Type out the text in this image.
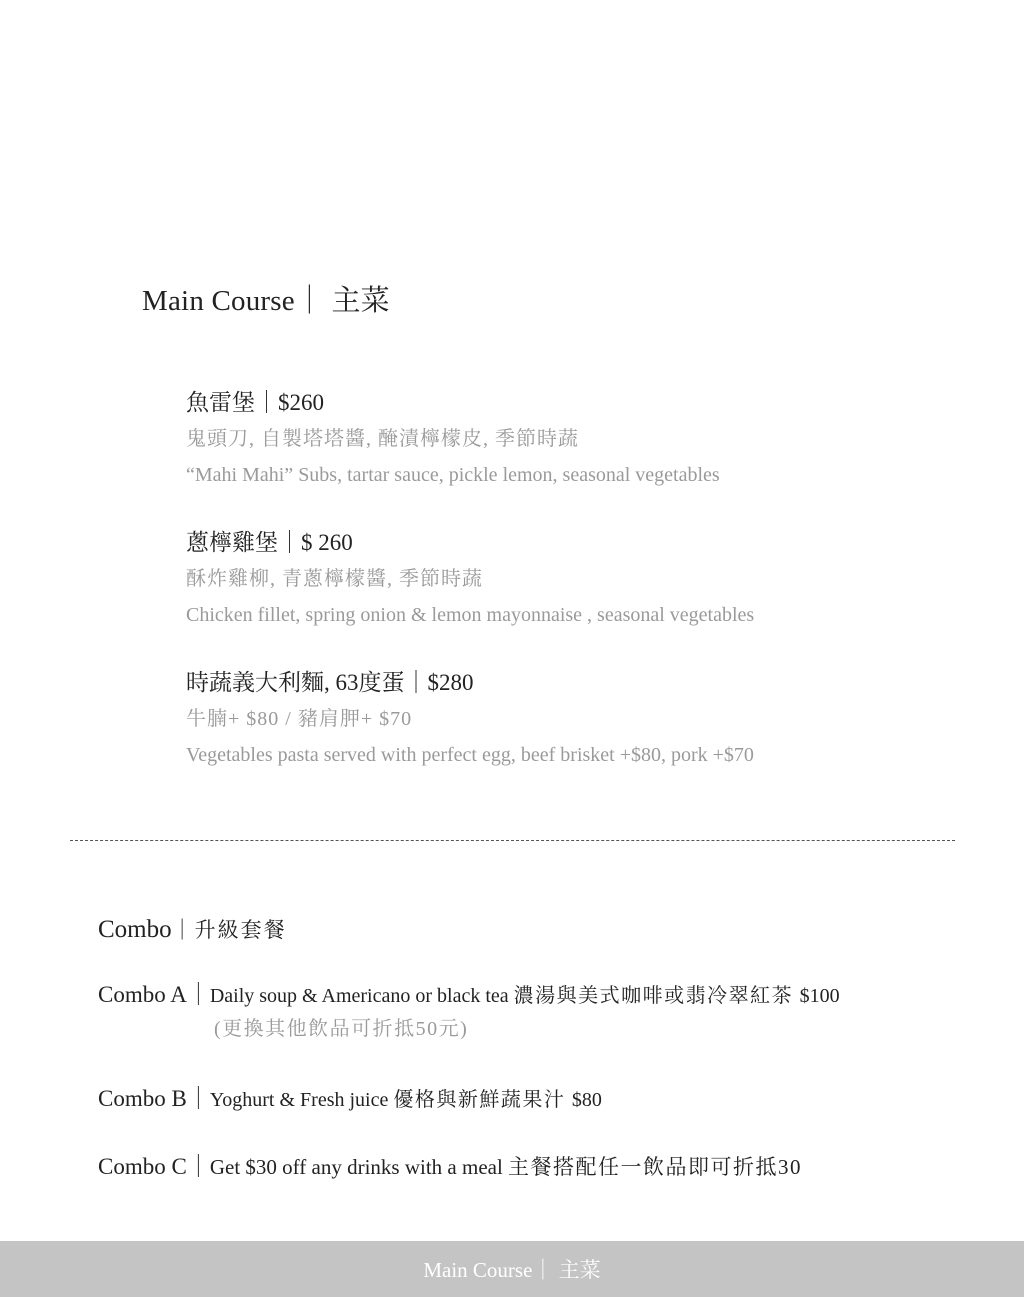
Main Course｜ 主菜
魚雷堡｜$260
鬼頭刀, 自製塔塔醬, 醃漬檸檬皮, 季節時蔬
“Mahi Mahi” Subs, tartar sauce, pickle lemon, seasonal vegetables
蔥檸雞堡｜$ 260
酥炸雞柳, 青蔥檸檬醬, 季節時蔬
Chicken fillet, spring onion & lemon mayonnaise , seasonal vegetables
時蔬義大利麵, 63度蛋｜$280
牛腩+ $80 / 豬肩胛+ $70
Vegetables pasta served with perfect egg, beef brisket +$80, pork +$70
Combo｜升級套餐
Combo A｜Daily soup & Americano or black tea 濃湯與美式咖啡或翡冷翠紅茶 $100
(更換其他飲品可折抵50元)
Combo B｜Yoghurt & Fresh juice 優格與新鮮蔬果汁 $80
Combo C｜Get $30 off any drinks with a meal 主餐搭配任一飲品即可折抵30
Main Course｜ 主菜
